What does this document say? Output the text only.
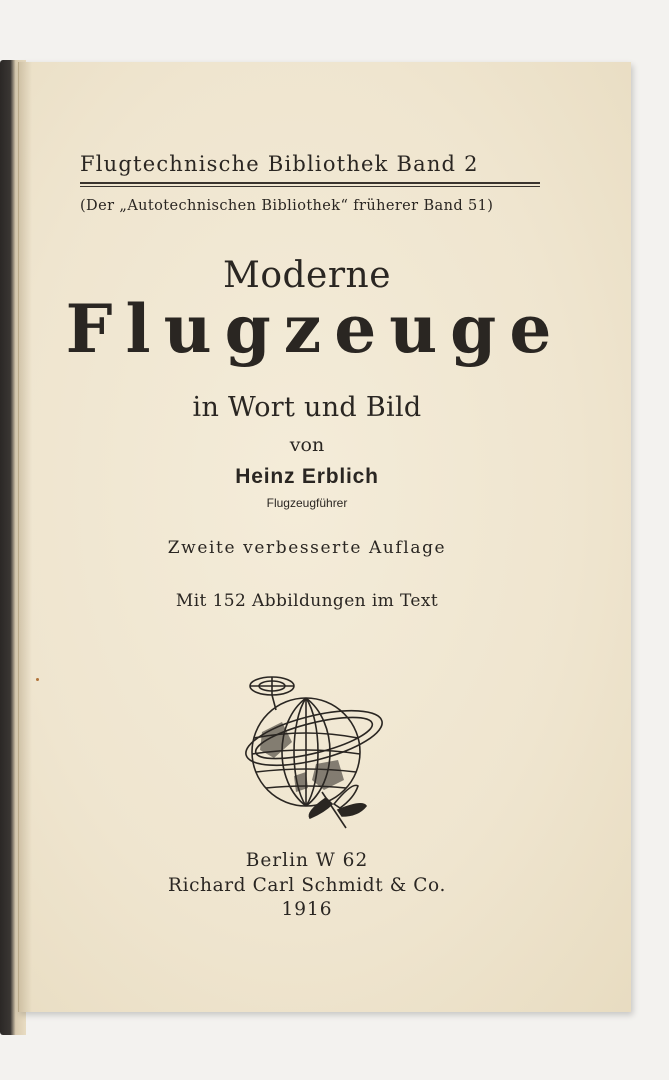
Flugtechnische Bibliothek Band 2
(Der „Autotechnischen Bibliothek“ früherer Band 51)
Moderne
Flugzeuge
in Wort und Bild
von
Heinz Erblich
Flugzeugführer
Zweite verbesserte Auflage
Mit 152 Abbildungen im Text
Berlin W 62
Richard Carl Schmidt & Co.
1916
